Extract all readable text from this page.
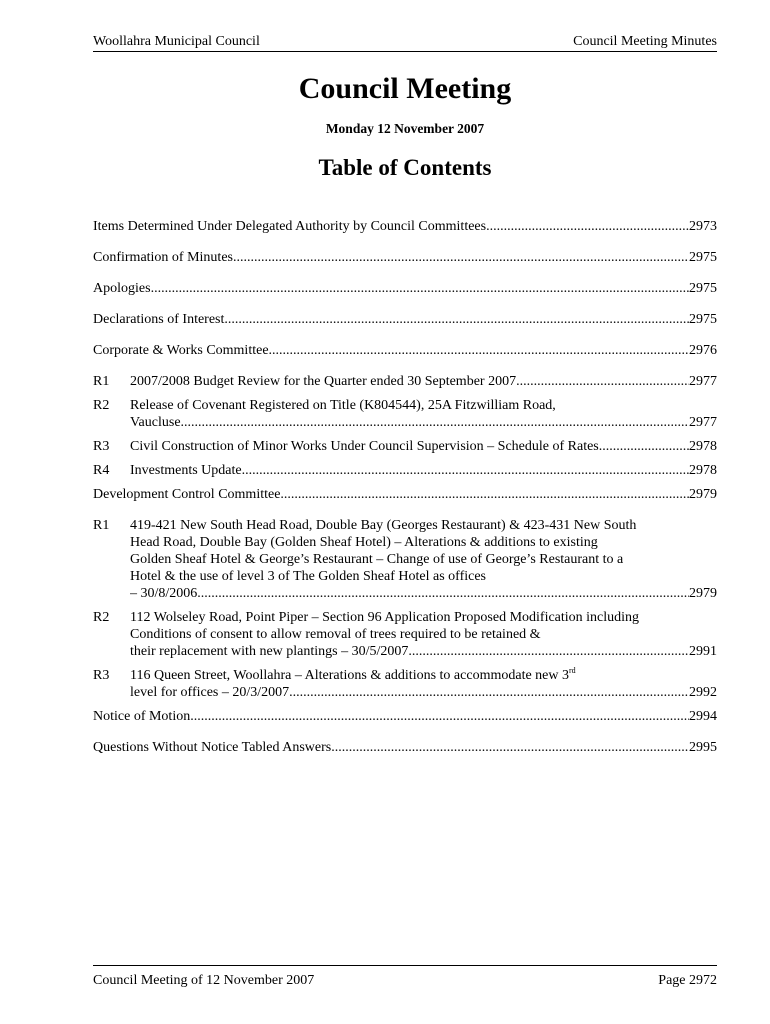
Woollahra Municipal Council	Council Meeting Minutes
Council Meeting
Monday 12 November 2007
Table of Contents
Items Determined Under Delegated Authority by Council Committees .....	2973
Confirmation of Minutes .....	2975
Apologies .....	2975
Declarations of Interest .....	2975
Corporate & Works Committee .....	2976
R1	2007/2008 Budget Review for the Quarter ended 30 September 2007 .....	2977
R2	Release of Covenant Registered on Title (K804544), 25A Fitzwilliam Road,
Vaucluse .....	2977
R3	Civil Construction of Minor Works Under Council Supervision – Schedule of Rates .....	2978
R4	Investments Update .....	2978
Development Control Committee .....	2979
R1	419-421 New South Head Road, Double Bay (Georges Restaurant) & 423-431 New South Head Road, Double Bay (Golden Sheaf Hotel) – Alterations & additions to existing Golden Sheaf Hotel & George’s Restaurant – Change of use of George’s Restaurant to a Hotel & the use of level 3 of The Golden Sheaf Hotel as offices
– 30/8/2006 .....	2979
R2	112 Wolseley Road, Point Piper – Section 96 Application Proposed Modification including Conditions of consent to allow removal of trees required to be retained &
their replacement with new plantings – 30/5/2007 .....	2991
R3	116 Queen Street, Woollahra – Alterations & additions to accommodate new 3rd
level for offices – 20/3/2007 .....	2992
Notice of Motion .....	2994
Questions Without Notice Tabled Answers .....	2995
Council Meeting of 12 November 2007	Page 2972
